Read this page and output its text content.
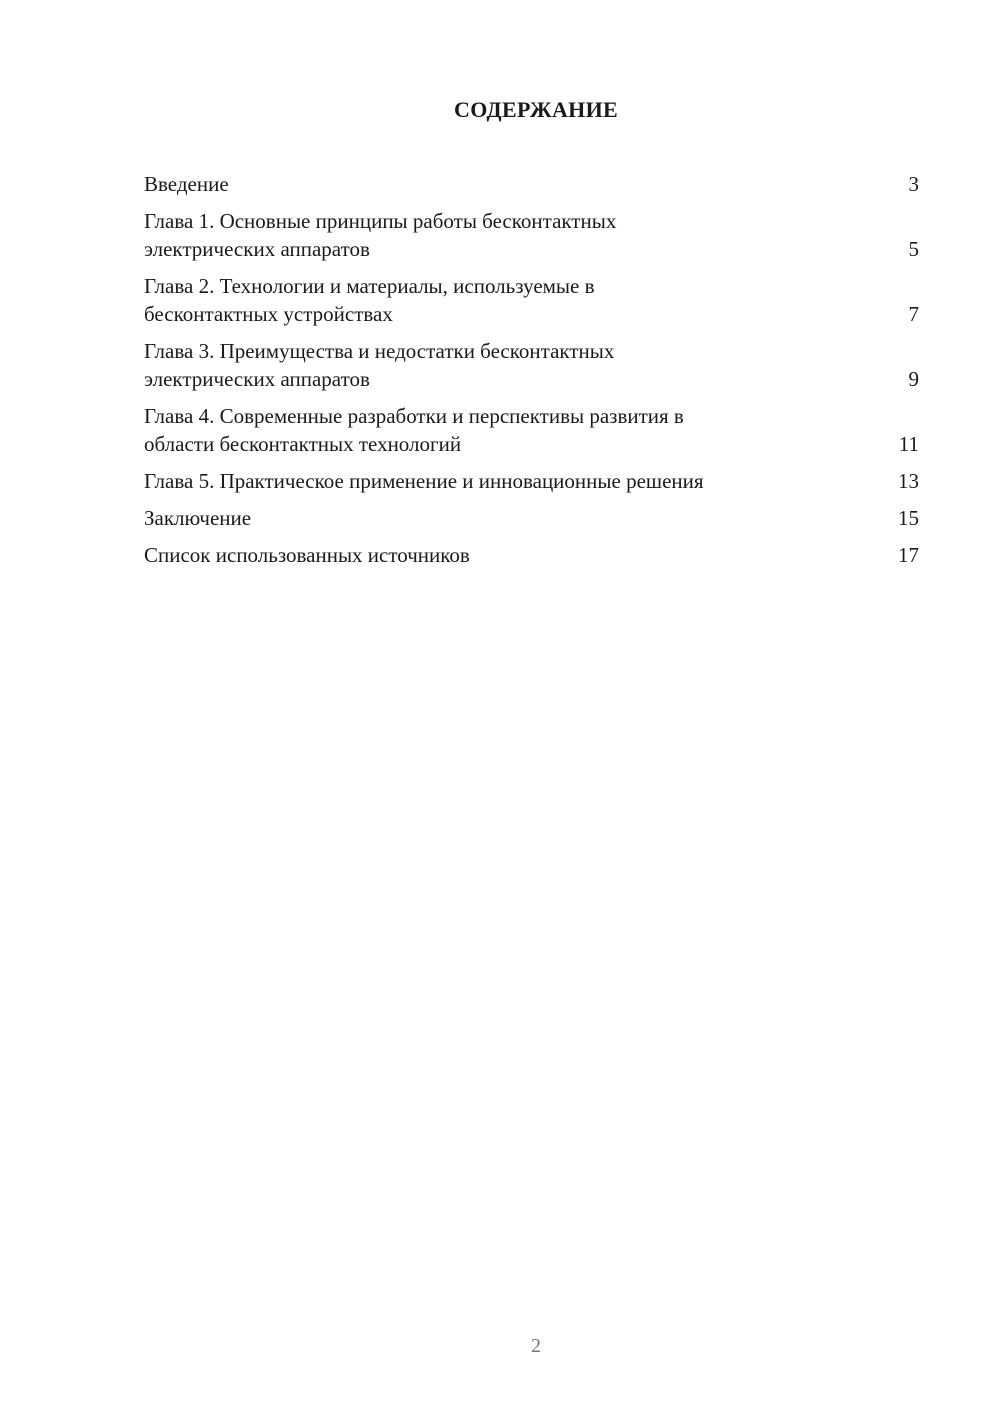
СОДЕРЖАНИЕ
Введение	3
Глава 1. Основные принципы работы бесконтактных
электрических аппаратов	5
Глава 2. Технологии и материалы, используемые в
бесконтактных устройствах	7
Глава 3. Преимущества и недостатки бесконтактных
электрических аппаратов	9
Глава 4. Современные разработки и перспективы развития в
области бесконтактных технологий	11
Глава 5. Практическое применение и инновационные решения	13
Заключение	15
Список использованных источников	17
2
